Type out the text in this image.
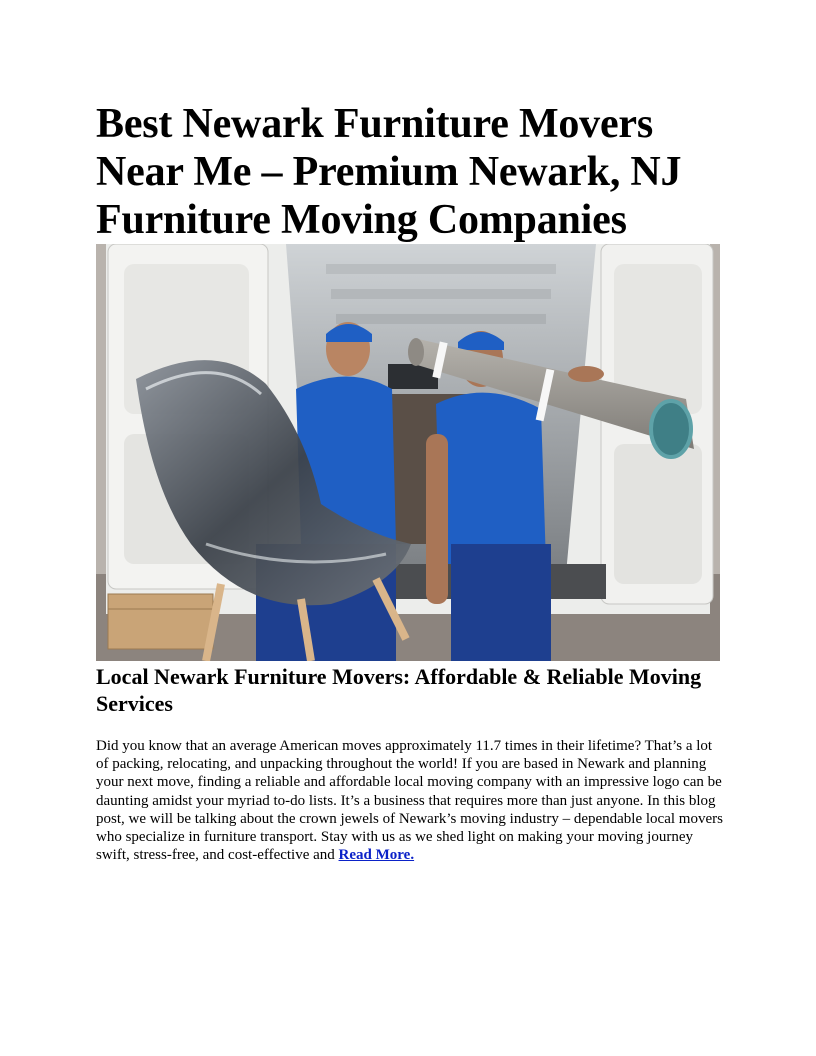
Best Newark Furniture Movers Near Me – Premium Newark, NJ Furniture Moving Companies
Local Newark Furniture Movers: Affordable & Reliable Moving Services

Did you know that an average American moves approximately 11.7 times in their lifetime? That’s a lot of packing, relocating, and unpacking throughout the world! If you are based in Newark and planning your next move, finding a reliable and affordable local moving company with an impressive logo can be daunting amidst your myriad to-do lists. It’s a business that requires more than just anyone. In this blog post, we will be talking about the crown jewels of Newark’s moving industry – dependable local movers who specialize in furniture transport. Stay with us as we shed light on making your moving journey swift, stress-free, and cost-effective and Read More.
